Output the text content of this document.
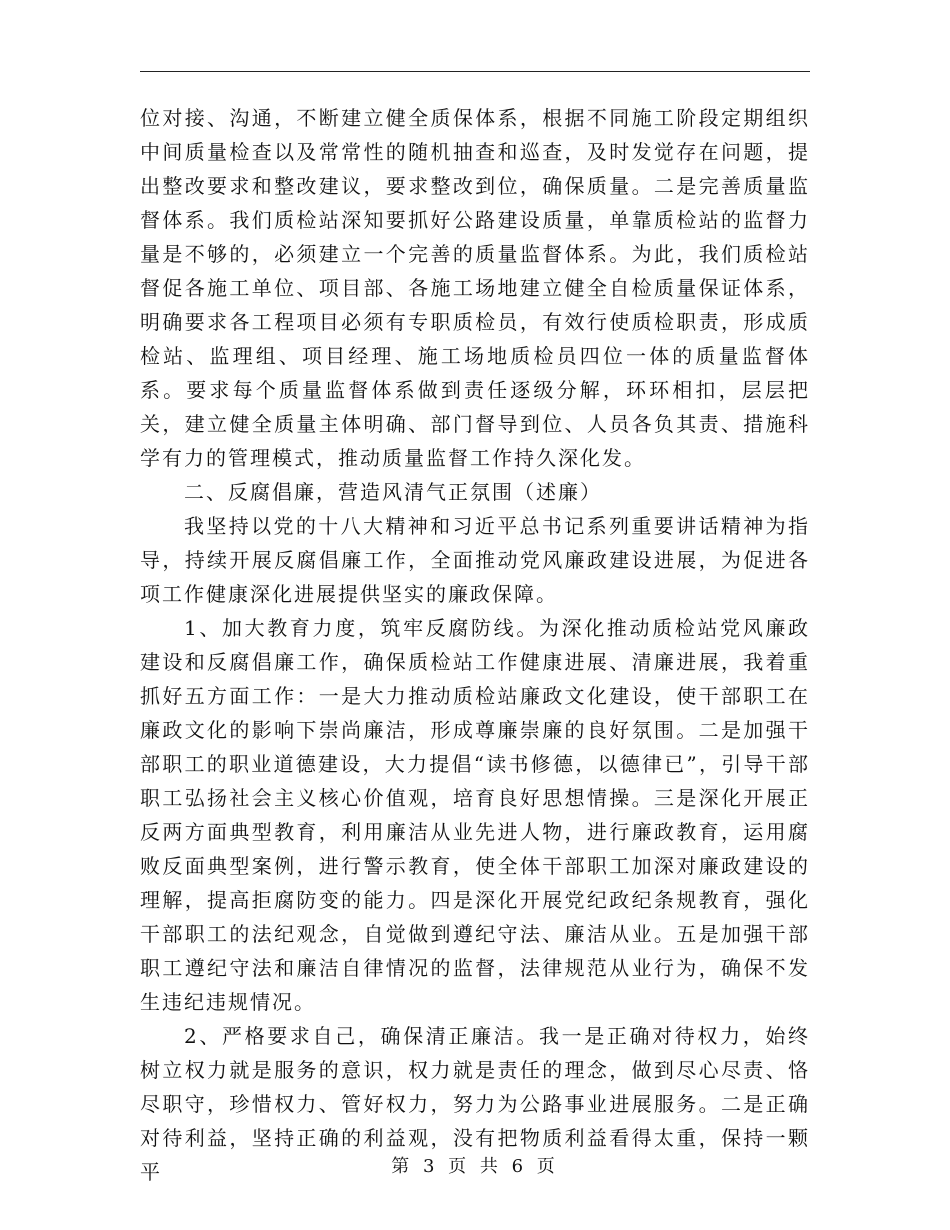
位对接、沟通，不断建立健全质保体系，根据不同施工阶段定期组织中间质量检查以及常常性的随机抽查和巡查，及时发觉存在问题，提出整改要求和整改建议，要求整改到位，确保质量。二是完善质量监督体系。我们质检站深知要抓好公路建设质量，单靠质检站的监督力量是不够的，必须建立一个完善的质量监督体系。为此，我们质检站督促各施工单位、项目部、各施工场地建立健全自检质量保证体系，明确要求各工程项目必须有专职质检员，有效行使质检职责，形成质检站、监理组、项目经理、施工场地质检员四位一体的质量监督体系。要求每个质量监督体系做到责任逐级分解，环环相扣，层层把关，建立健全质量主体明确、部门督导到位、人员各负其责、措施科学有力的管理模式，推动质量监督工作持久深化发。

二、反腐倡廉，营造风清气正氛围（述廉）

我坚持以党的十八大精神和习近平总书记系列重要讲话精神为指导，持续开展反腐倡廉工作，全面推动党风廉政建设进展，为促进各项工作健康深化进展提供坚实的廉政保障。

1、加大教育力度，筑牢反腐防线。为深化推动质检站党风廉政建设和反腐倡廉工作，确保质检站工作健康进展、清廉进展，我着重抓好五方面工作：一是大力推动质检站廉政文化建设，使干部职工在廉政文化的影响下崇尚廉洁，形成尊廉崇廉的良好氛围。二是加强干部职工的职业道德建设，大力提倡“读书修德，以德律已”，引导干部职工弘扬社会主义核心价值观，培育良好思想情操。三是深化开展正反两方面典型教育，利用廉洁从业先进人物，进行廉政教育，运用腐败反面典型案例，进行警示教育，使全体干部职工加深对廉政建设的理解，提高拒腐防变的能力。四是深化开展党纪政纪条规教育，强化干部职工的法纪观念，自觉做到遵纪守法、廉洁从业。五是加强干部职工遵纪守法和廉洁自律情况的监督，法律规范从业行为，确保不发生违纪违规情况。

2、严格要求自己，确保清正廉洁。我一是正确对待权力，始终树立权力就是服务的意识，权力就是责任的理念，做到尽心尽责、恪尽职守，珍惜权力、管好权力，努力为公路事业进展服务。二是正确对待利益，坚持正确的利益观，没有把物质利益看得太重，保持一颗平	第 3 页 共 6 页
